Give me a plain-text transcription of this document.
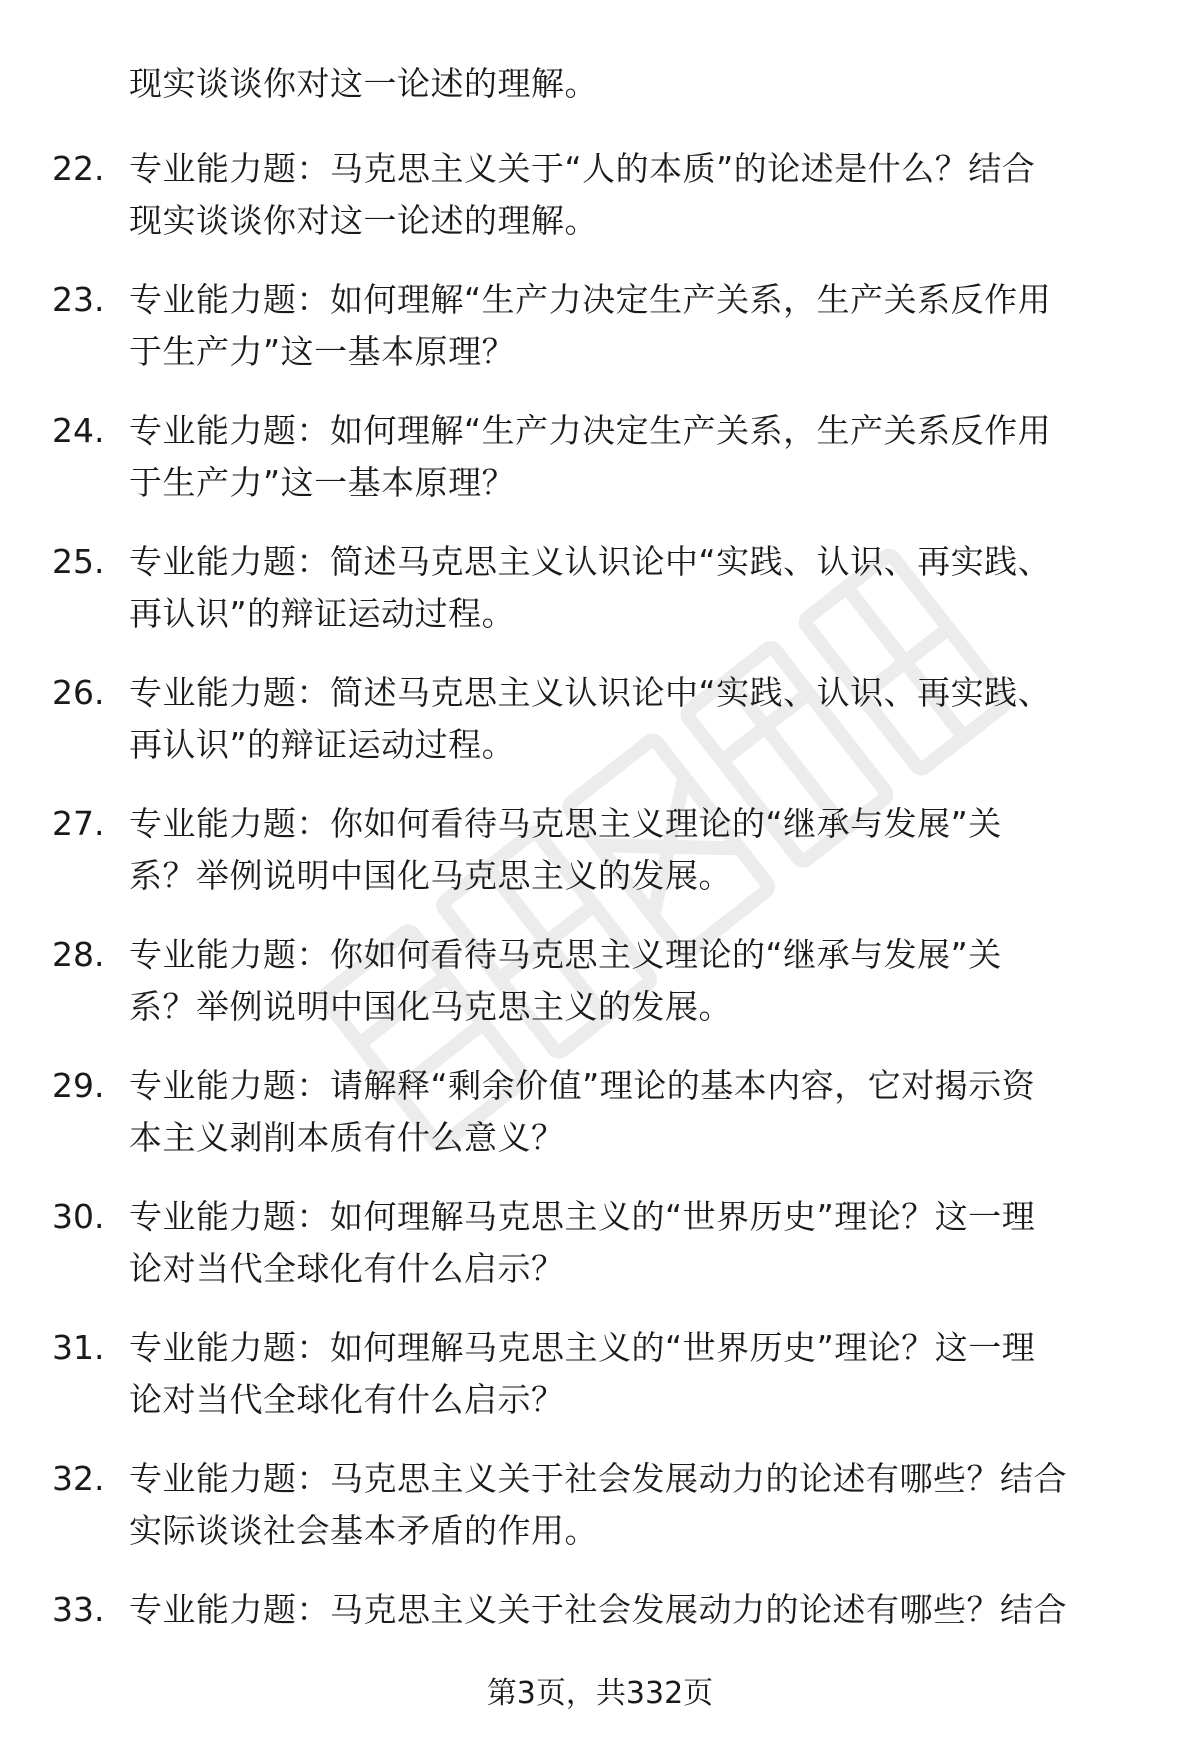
现实谈谈你对这一论述的理解。
22. 专业能力题：马克思主义关于“人的本质”的论述是什么？结合
现实谈谈你对这一论述的理解。
23. 专业能力题：如何理解“生产力决定生产关系，生产关系反作用
于生产力”这一基本原理？
24. 专业能力题：如何理解“生产力决定生产关系，生产关系反作用
于生产力”这一基本原理？
25. 专业能力题：简述马克思主义认识论中“实践、认识、再实践、
再认识”的辩证运动过程。
26. 专业能力题：简述马克思主义认识论中“实践、认识、再实践、
再认识”的辩证运动过程。
27. 专业能力题：你如何看待马克思主义理论的“继承与发展”关
系？举例说明中国化马克思主义的发展。
28. 专业能力题：你如何看待马克思主义理论的“继承与发展”关
系？举例说明中国化马克思主义的发展。
29. 专业能力题：请解释“剩余价值”理论的基本内容，它对揭示资
本主义剥削本质有什么意义？
30. 专业能力题：如何理解马克思主义的“世界历史”理论？这一理
论对当代全球化有什么启示？
31. 专业能力题：如何理解马克思主义的“世界历史”理论？这一理
论对当代全球化有什么启示？
32. 专业能力题：马克思主义关于社会发展动力的论述有哪些？结合
实际谈谈社会基本矛盾的作用。
33. 专业能力题：马克思主义关于社会发展动力的论述有哪些？结合
第3页，共332页
